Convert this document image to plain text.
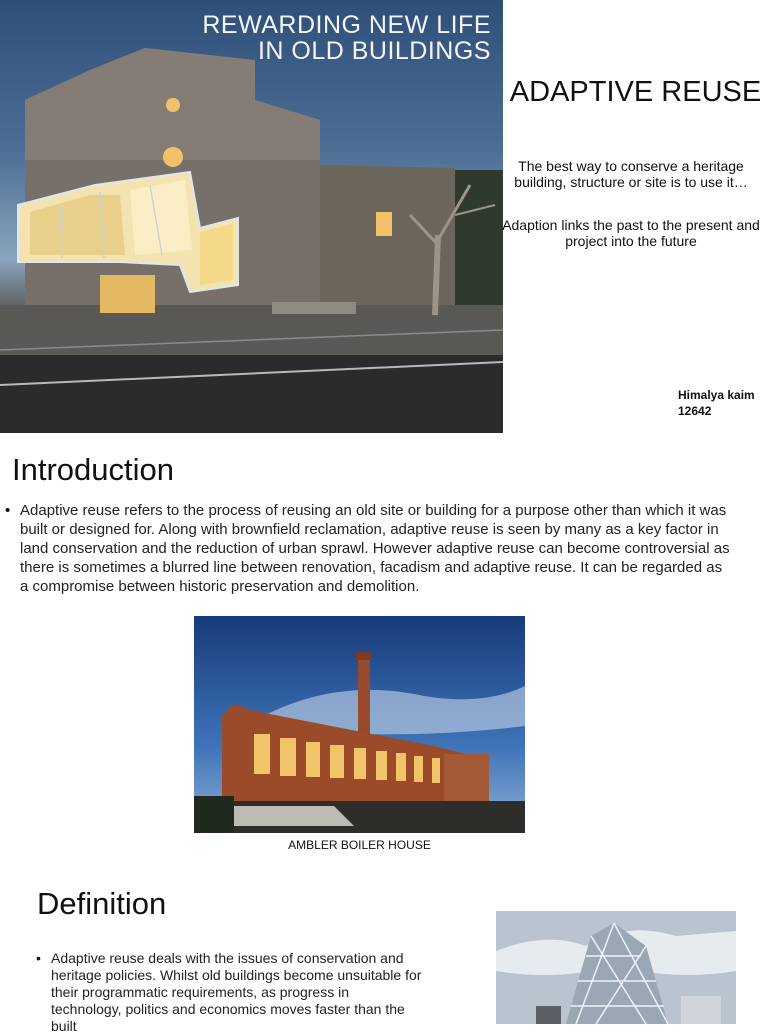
REWARDING NEW LIFE
IN OLD BUILDINGS
ADAPTIVE REUSE
The best way to conserve a heritage building, structure or site is to use it…
Adaption links the past to the present and project into the future
Himalya kaim
12642
Introduction
• Adaptive reuse refers to the process of reusing an old site or building for a purpose other than which it was built or designed for. Along with brownfield reclamation, adaptive reuse is seen by many as a key factor in land conservation and the reduction of urban sprawl. However adaptive reuse can become controversial as there is sometimes a blurred line between renovation, facadism and adaptive reuse. It can be regarded as a compromise between historic preservation and demolition.
AMBLER BOILER HOUSE
Definition
• Adaptive reuse deals with the issues of conservation and heritage policies. Whilst old buildings become unsuitable for their programmatic requirements, as progress in technology, politics and economics moves faster than the built
